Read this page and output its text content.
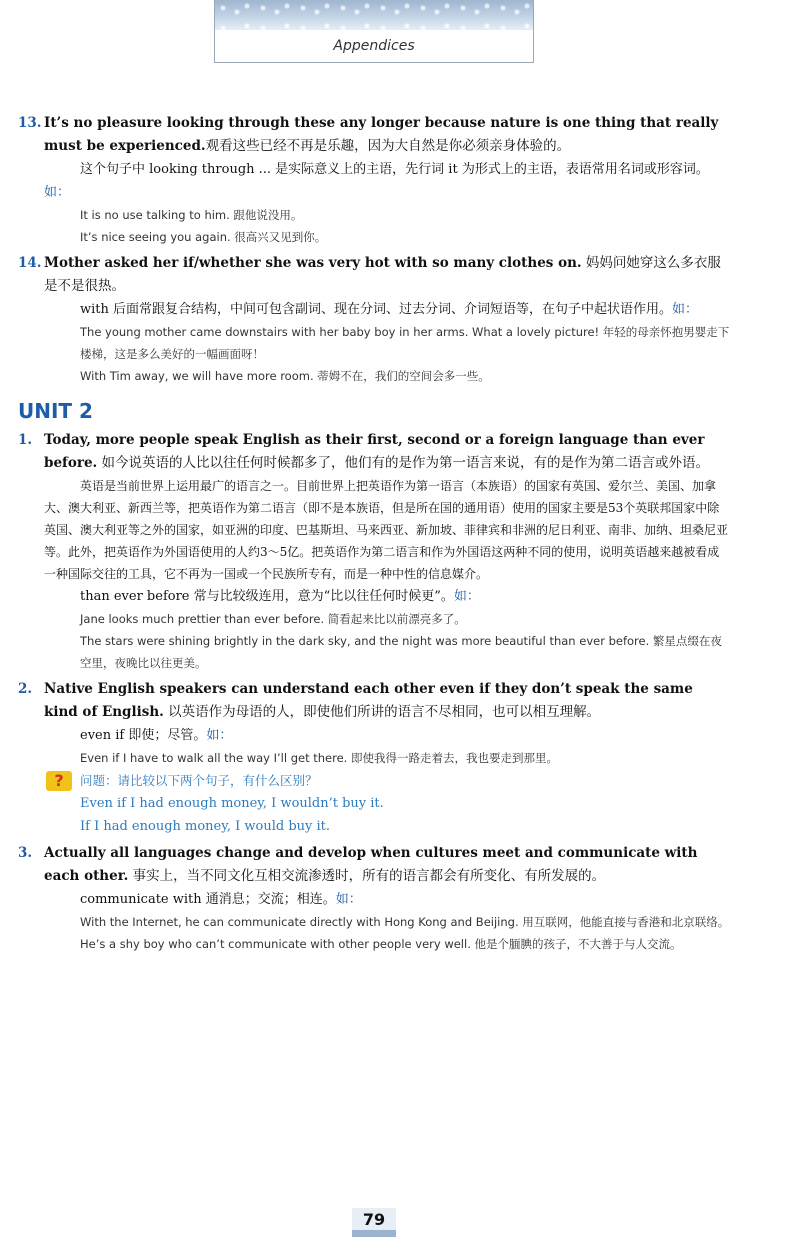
Appendices
13. It’s no pleasure looking through these any longer because nature is one thing that really must be experienced.观看这些已经不再是乐趣，因为大自然是你必须亲身体验的。
这个句子中 looking through ... 是实际意义上的主语，先行词 it 为形式上的主语，表语常用名词或形容词。如：
It is no use talking to him. 跟他说没用。
It’s nice seeing you again. 很高兴又见到你。
14. Mother asked her if/whether she was very hot with so many clothes on. 妈妈问她穿这么多衣服是不是很热。
with 后面常跟复合结构，中间可包含副词、现在分词、过去分词、介词短语等，在句子中起状语作用。如：
The young mother came downstairs with her baby boy in her arms. What a lovely picture! 年轻的母亲怀抱男婴走下楼梯，这是多么美好的一幅画面呀！
With Tim away, we will have more room. 蒂姆不在，我们的空间会多一些。
UNIT 2
1. Today, more people speak English as their first, second or a foreign language than ever before. 如今说英语的人比以往任何时候都多了，他们有的是作为第一语言来说，有的是作为第二语言或外语。
英语是当前世界上运用最广的语言之一。目前世界上把英语作为第一语言（本族语）的国家有英国、爱尔兰、美国、加拿大、澳大利亚、新西兰等，把英语作为第二语言（即不是本族语，但是所在国的通用语）使用的国家主要是53个英联邦国家中除英国、澳大利亚等之外的国家，如亚洲的印度、巴基斯坦、马来西亚、新加坡、菲律宾和非洲的尼日利亚、南非、加纳、坦桑尼亚等。此外，把英语作为外国语使用的人约3～5亿。把英语作为第二语言和作为外国语这两种不同的使用，说明英语越来越被看成一种国际交往的工具，它不再为一国或一个民族所专有，而是一种中性的信息媒介。
than ever before 常与比较级连用，意为“比以往任何时候更”。如：
Jane looks much prettier than ever before. 简看起来比以前漂亮多了。
The stars were shining brightly in the dark sky, and the night was more beautiful than ever before. 繁星点缀在夜空里，夜晚比以往更美。
2. Native English speakers can understand each other even if they don’t speak the same kind of English. 以英语作为母语的人，即使他们所讲的语言不尽相同，也可以相互理解。
even if 即使；尽管。如：
Even if I have to walk all the way I’ll get there. 即使我得一路走着去，我也要走到那里。
?	问题：请比较以下两个句子，有什么区别？
Even if I had enough money, I wouldn’t buy it.
If I had enough money, I would buy it.
3. Actually all languages change and develop when cultures meet and communicate with each other. 事实上，当不同文化互相交流渗透时，所有的语言都会有所变化、有所发展的。
communicate with 通消息；交流；相连。如：
With the Internet, he can communicate directly with Hong Kong and Beijing. 用互联网，他能直接与香港和北京联络。
He’s a shy boy who can’t communicate with other people very well. 他是个腼腆的孩子，不大善于与人交流。
79
